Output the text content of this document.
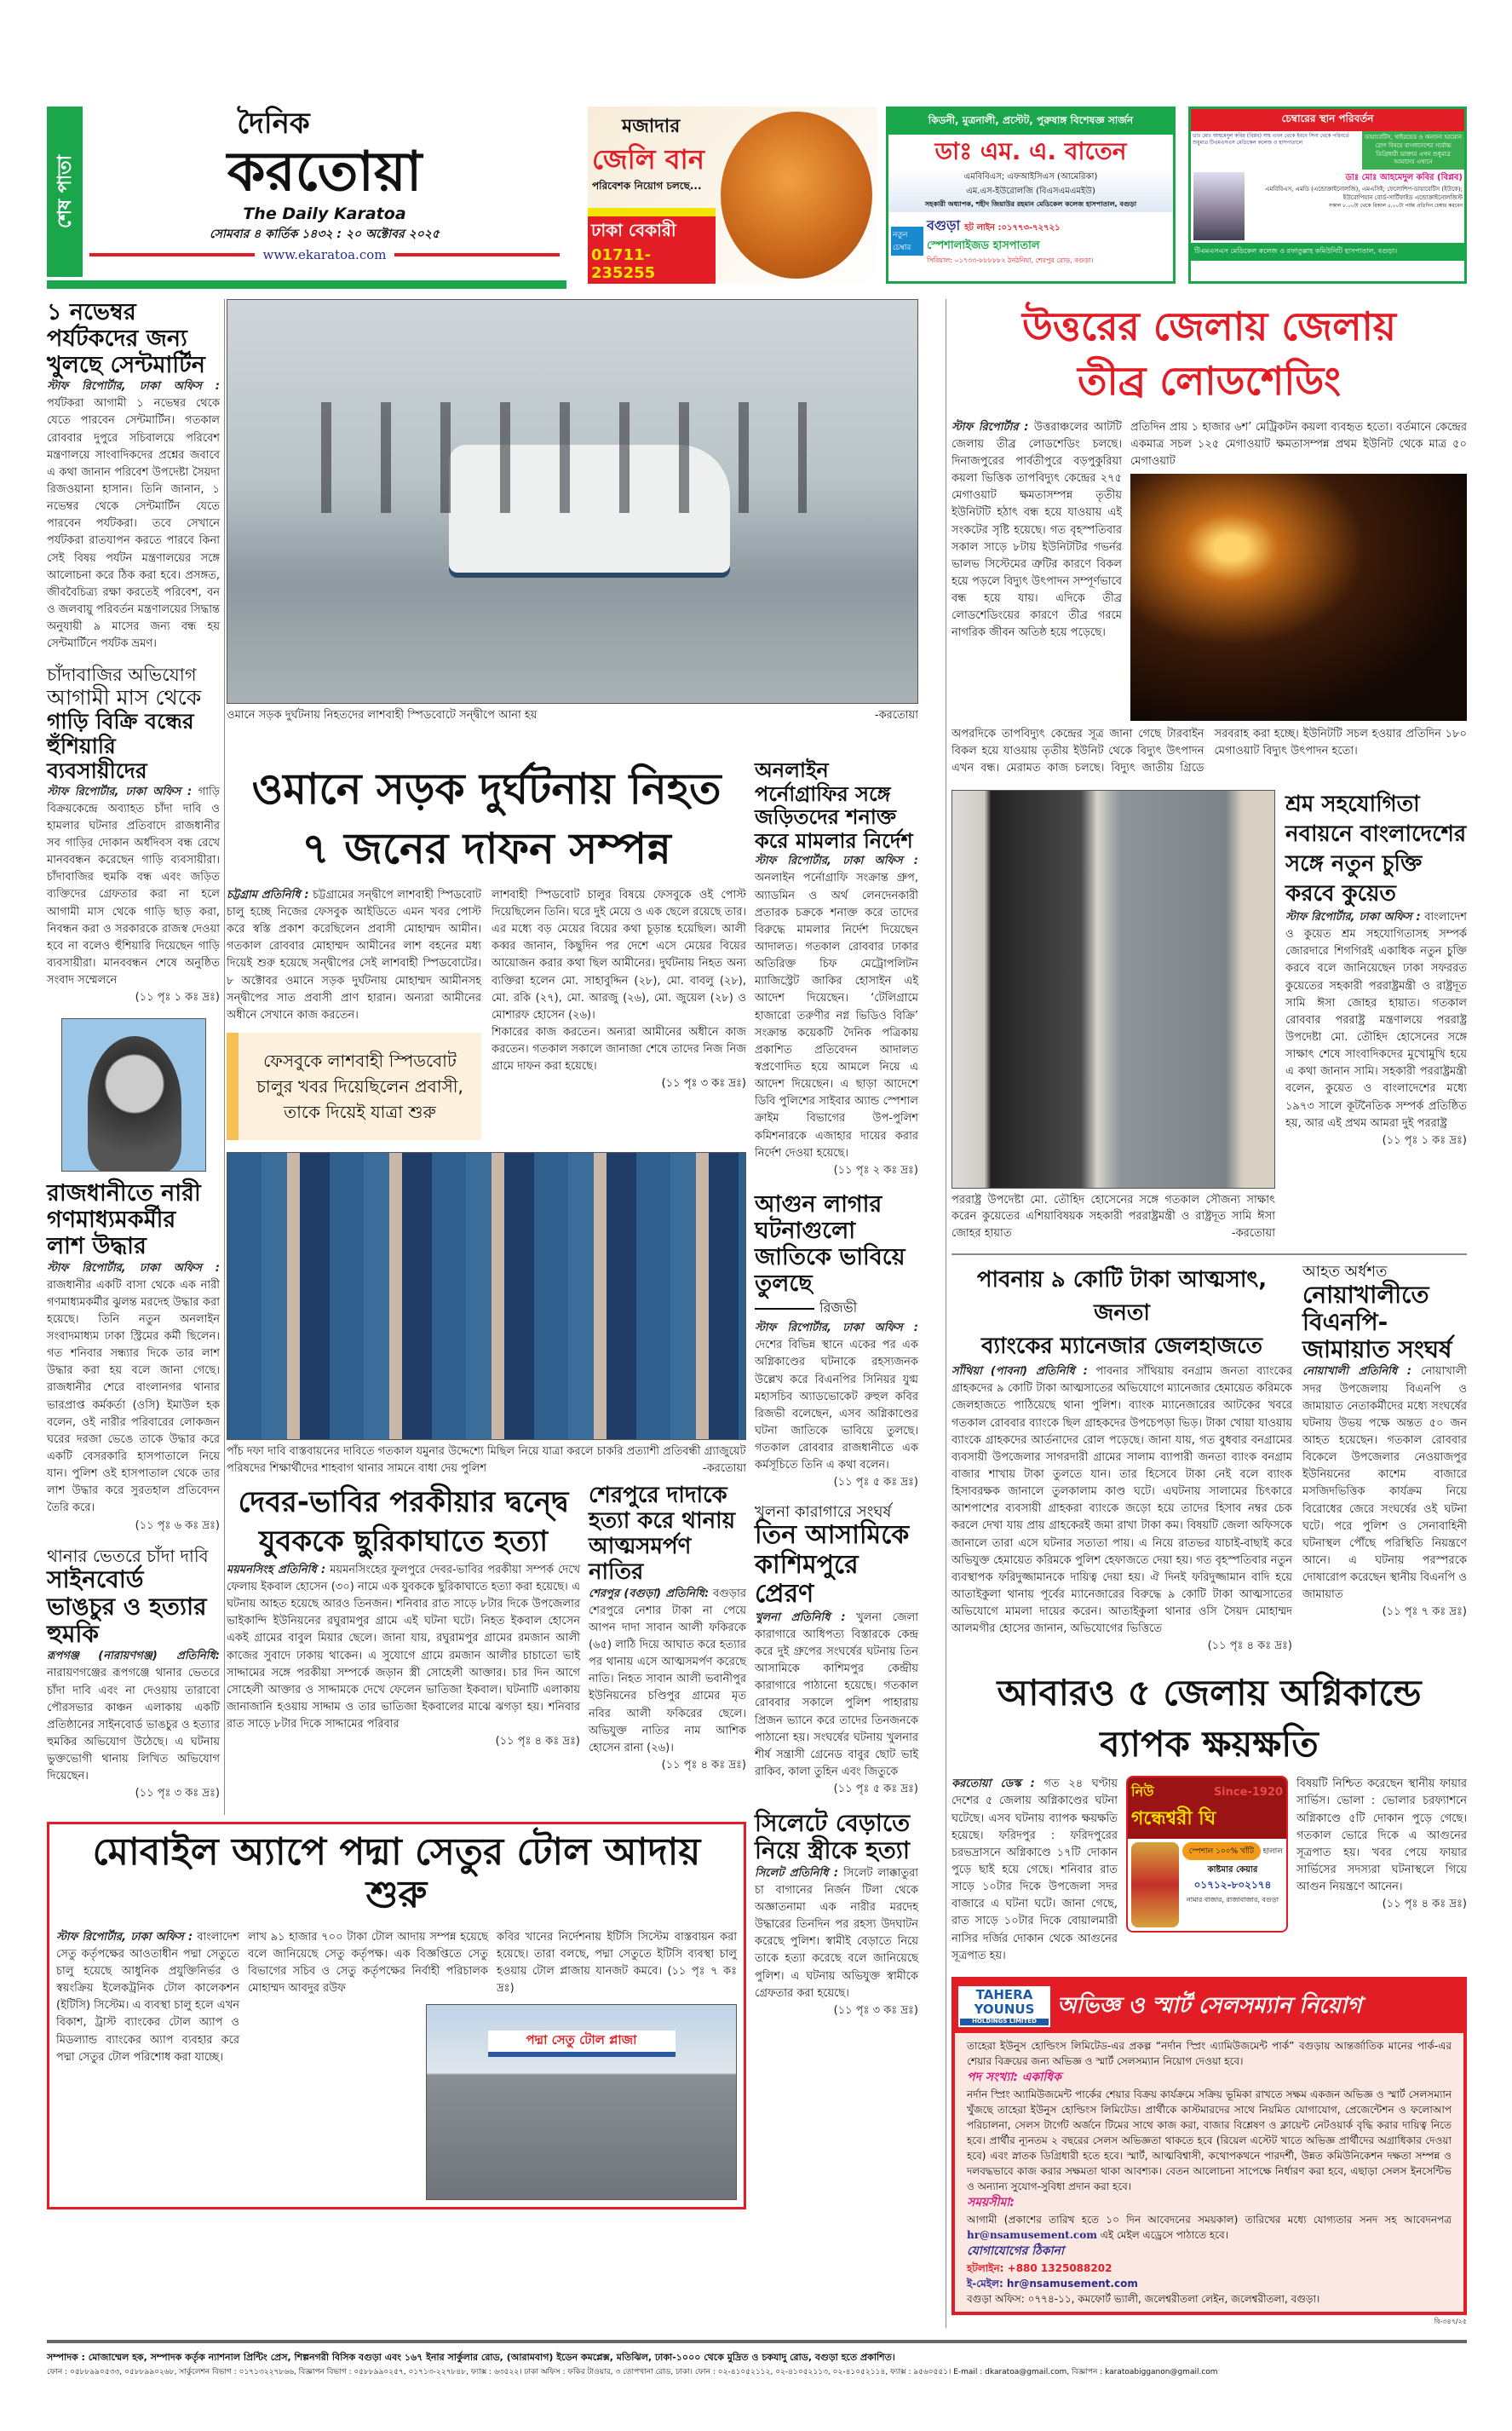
শেষ পাতা
দৈনিক
করতোয়া
The Daily Karatoa
সোমবার ৪ কার্তিক ১৪৩২ : ২০ অক্টোবর ২০২৫
www.ekaratoa.com
মজাদার
জেলি বান
পরিবেশক নিয়োগ চলছে...
ঢাকা বেকারী
01711-235255
কিডনী, মুত্রনালী, প্রস্টেট, পুরুষাঙ্গ বিশেষজ্ঞ সার্জন
ডাঃ এম. এ. বাতেন
এমবিবিএস; এফআইসিএস (আমেরিকা)
এম.এস-ইউরোলজি (বিএসএমএমইউ)
সহকারী অধ্যাপক, শহীদ জিয়াউর রহমান মেডিকেল কলেজ হাসপাতাল, বগুড়া
নতুন চেম্বার
বগুড়া হট লাইন :০১৭৭৩-৭২৭২১
স্পেশালাইজড হাসপাতাল
সিরিয়াল: ০১৭৩৩-৮৮৮৮৮২ ঠনঠনিয়া, শেরপুর রোড, বগুড়া।
চেম্বারের স্থান পরিবর্তন
ডাঃ মোঃ আহমেদুল কবির (বিপ্লব) সাহ এখন থেকে ইবনে সিনা থেকে পরিবর্তে শুধুমাত্র টিএমএসএস মেডিকেল কলেজ ও হাসপাতালে
ডায়াবেটিস, থাইরয়েড ও অন্যান্য হরমোন রোগ বিষয়ে বাংলাদেশের সর্বোচ্চ ডিগ্রিধারী ডাক্তার এখন শুধুমাত্র আমাদের এখানে
ডাঃ মোঃ আহমেদুল কবির (বিপ্লব)
এমবিবিএস, এমডি (এন্ডোক্রাইনোলজি), এমএসিই; ফেলোশিপ-ডায়াবেটিস (ইউকে); ইউরোপিয়ান বোর্ড-সার্টিফাইড এন্ডোক্রাইনোলজিস্ট
সকাল ৮.০০টা থেকে বিকাল ৫.০০টা পর্যন্ত প্রতিদিন চেম্বার করবেন
টিএমএসএস মেডিকেল কলেজ ও রফাতুল্লাহ কমিউনিটি হাসপাতাল, বগুড়া।
১ নভেম্বর পর্যটকদের জন্য খুলছে সেন্টমার্টিন

স্টাফ রিপোর্টার, ঢাকা অফিস : পর্যটকরা আগামী ১ নভেম্বর থেকে যেতে পারবেন সেন্টমার্টিন। গতকাল রোববার দুপুরে সচিবালয়ে পরিবেশ মন্ত্রণালয়ে সাংবাদিকদের প্রশ্নের জবাবে এ কথা জানান পরিবেশ উপদেষ্টা সৈয়দা রিজওয়ানা হাসান। তিনি জানান, ১ নভেম্বর থেকে সেন্টমার্টিন যেতে পারবেন পর্যটকরা। তবে সেখানে পর্যটকরা রাতযাপন করতে পারবে কিনা সেই বিষয় পর্যটন মন্ত্রণালয়ের সঙ্গে আলোচনা করে ঠিক করা হবে। প্রসঙ্গত, জীববৈচিত্র্য রক্ষা করতেই পরিবেশ, বন ও জলবায়ু পরিবর্তন মন্ত্রণালয়ের সিদ্ধান্ত অনুযায়ী ৯ মাসের জন্য বন্ধ হয় সেন্টমার্টিনে পর্যটক ভ্রমণ।

চাঁদাবাজির অভিযোগ
আগামী মাস থেকে
গাড়ি বিক্রি বন্ধের হুঁশিয়ারি ব্যবসায়ীদের

স্টাফ রিপোর্টার, ঢাকা অফিস : গাড়ি বিক্রয়কেন্দ্রে অব্যাহত চাঁদা দাবি ও হামলার ঘটনার প্রতিবাদে রাজধানীর সব গাড়ির দোকান অর্ধদিবস বন্ধ রেখে মানববন্ধন করেছেন গাড়ি ব্যবসায়ীরা। চাঁদাবাজির হুমকি বন্ধ এবং জড়িত ব্যক্তিদের গ্রেফতার করা না হলে আগামী মাস থেকে গাড়ি ছাড় করা, নিবন্ধন করা ও সরকারকে রাজস্ব দেওয়া হবে না বলেও হুঁশিয়ারি দিয়েছেন গাড়ি ব্যবসায়ীরা। মানববন্ধন শেষে অনুষ্ঠিত সংবাদ সম্মেলনে
(১১ পৃঃ ১ কঃ দ্রঃ)

রাজধানীতে নারী গণমাধ্যমকর্মীর লাশ উদ্ধার

স্টাফ রিপোর্টার, ঢাকা অফিস : রাজধানীর একটি বাসা থেকে এক নারী গণমাধ্যমকর্মীর ঝুলন্ত মরদেহ উদ্ধার করা হয়েছে। তিনি নতুন অনলাইন সংবাদমাধ্যম ঢাকা স্ট্রিমের কর্মী ছিলেন। গত শনিবার সন্ধ্যার দিকে তার লাশ উদ্ধার করা হয় বলে জানা গেছে। রাজধানীর শেরে বাংলানগর থানার ভারপ্রাপ্ত কর্মকর্তা (ওসি) ইমাউল হক বলেন, ওই নারীর পরিবারের লোকজন ঘরের দরজা ভেঙে তাকে উদ্ধার করে একটি বেসরকারি হাসপাতালে নিয়ে যান। পুলিশ ওই হাসপাতাল থেকে তার লাশ উদ্ধার করে সুরতহাল প্রতিবেদন তৈরি করে।
(১১ পৃঃ ৬ কঃ দ্রঃ)

থানার ভেতরে চাঁদা দাবি
সাইনবোর্ড ভাঙচুর ও হত্যার হুমকি

রূপগঞ্জ (নারায়ণগঞ্জ) প্রতিনিধি: নারায়ণগঞ্জের রূপগঞ্জে থানার ভেতরে চাঁদা দাবি এবং না দেওয়ায় তারাবো পৌরসভার কাঞ্চন এলাকায় একটি প্রতিষ্ঠানের সাইনবোর্ড ভাঙচুর ও হত্যার হুমকির অভিযোগ উঠেছে। এ ঘটনায় ভুক্তভোগী থানায় লিখিত অভিযোগ দিয়েছেন।
(১১ পৃঃ ৩ কঃ দ্রঃ)

ওমানে সড়ক দুর্ঘটনায় নিহতদের লাশবাহী স্পিডবোটে সন্দ্বীপে আনা হয়	-করতোয়া
ওমানে সড়ক দুর্ঘটনায় নিহত
৭ জনের দাফন সম্পন্ন

চট্টগ্রাম প্রতিনিধি : চট্টগ্রামের সন্দ্বীপে লাশবাহী স্পিডবোট চালু হচ্ছে নিজের ফেসবুক আইডিতে এমন খবর পোস্ট করে স্বস্তি প্রকাশ করেছিলেন প্রবাসী মোহাম্মদ আমীন। গতকাল রোববার মোহাম্মদ আমীনের লাশ বহনের মধ্য দিয়েই শুরু হয়েছে সন্দ্বীপের সেই লাশবাহী স্পিডবোটের। ৮ অক্টোবর ওমানে সড়ক দুর্ঘটনায় মোহাম্মদ আমীনসহ সন্দ্বীপের সাত প্রবাসী প্রাণ হারান। অন্যরা আমীনের অধীনে সেখানে কাজ করতেন।

ফেসবুকে লাশবাহী স্পিডবোট চালুর খবর দিয়েছিলেন প্রবাসী, তাকে দিয়েই যাত্রা শুরু

লাশবাহী স্পিডবোট চালুর বিষয়ে ফেসবুকে ওই পোস্ট দিয়েছিলেন তিনি। ঘরে দুই মেয়ে ও এক ছেলে রয়েছে তার। এর মধ্যে বড় মেয়ের বিয়ের কথা চূড়ান্ত হয়েছিল। আলী কব্বর জানান, কিছুদিন পর দেশে এসে মেয়ের বিয়ের আয়োজন করার কথা ছিল আমীনের। দুর্ঘটনায় নিহত অন্য ব্যক্তিরা হলেন মো. সাহাবুদ্দিন (২৮), মো. বাবলু (২৮), মো. রকি (২৭), মো. আরজু (২৬), মো. জুয়েল (২৮) ও মোশারফ হোসেন (২৬)।

শিকারের কাজ করতেন। অন্যরা আমীনের অধীনে কাজ করতেন। গতকাল সকালে জানাজা শেষে তাদের নিজ নিজ গ্রামে দাফন করা হয়েছে।

(১১ পৃঃ ৩ কঃ দ্রঃ)
পাঁচ দফা দাবি বাস্তবায়নের দাবিতে গতকাল যমুনার উদ্দেশ্যে মিছিল নিয়ে যাত্রা করলে চাকরি প্রত্যাশী প্রতিবন্ধী গ্র্যাজুয়েট পরিষদের শিক্ষার্থীদের শাহবাগ থানার সামনে বাধা দেয় পুলিশ	-করতোয়া
দেবর-ভাবির পরকীয়ার দ্বন্দ্বে যুবককে ছুরিকাঘাতে হত্যা

ময়মনসিংহ প্রতিনিধি : ময়মনসিংহের ফুলপুরে দেবর-ভাবির পরকীয়া সম্পর্ক দেখে ফেলায় ইকবাল হোসেন (৩০) নামে এক যুবককে ছুরিকাঘাতে হত্যা করা হয়েছে। এ ঘটনায় আহত হয়েছে আরও তিনজন। শনিবার রাত সাড়ে ৮টার দিকে উপজেলার ভাইকান্দি ইউনিয়নের রঘুরামপুর গ্রামে এই ঘটনা ঘটে। নিহত ইকবাল হোসেন একই গ্রামের বাবুল মিয়ার ছেলে। জানা যায়, রঘুরামপুর গ্রামের রমজান আলী কাজের সুবাদে ঢাকায় থাকেন। এ সুযোগে গ্রামে রমজান আলীর চাচাতো ভাই সাদ্দামের সঙ্গে পরকীয়া সম্পর্কে জড়ান স্ত্রী সোহেলী আক্তার। চার দিন আগে সোহেলী আক্তার ও সাদ্দামকে দেখে ফেলেন ভাতিজা ইকবাল। ঘটনাটি এলাকায় জানাজানি হওয়ায় সাদ্দাম ও তার ভাতিজা ইকবালের মাঝে ঝগড়া হয়। শনিবার রাত সাড়ে ৮টার দিকে সাদ্দামের পরিবার
(১১ পৃঃ ৪ কঃ দ্রঃ)

শেরপুরে দাদাকে হত্যা করে থানায় আত্মসমর্পণ নাতির

শেরপুর (বগুড়া) প্রতিনিধি: বগুড়ার শেরপুরে নেশার টাকা না পেয়ে আপন দাদা সাবান আলী ফকিরকে (৬৫) লাঠি দিয়ে আঘাত করে হত্যার পর থানায় এসে আত্মসমর্পণ করেছে নাতি। নিহত সাবান আলী ভবানীপুর ইউনিয়নের চণ্ডিপুর গ্রামের মৃত নবির আলী ফকিরের ছেলে। অভিযুক্ত নাতির নাম আশিক হোসেন রানা (২৬)।
(১১ পৃঃ ৪ কঃ দ্রঃ)

অনলাইন পর্নোগ্রাফির সঙ্গে জড়িতদের শনাক্ত করে মামলার নির্দেশ

স্টাফ রিপোর্টার, ঢাকা অফিস : অনলাইন পর্নোগ্রাফি সংক্রান্ত গ্রুপ, অ্যাডমিন ও অর্থ লেনদেনকারী প্রতারক চক্রকে শনাক্ত করে তাদের বিরুদ্ধে মামলার নির্দেশ দিয়েছেন আদালত। গতকাল রোববার ঢাকার অতিরিক্ত চিফ মেট্রোপলিটন ম্যাজিস্ট্রেট জাকির হোসাইন এই আদেশ দিয়েছেন। ‘টেলিগ্রামে হাজারো তরুণীর নগ্ন ভিডিও বিক্রি’ সংক্রান্ত কয়েকটি দৈনিক পত্রিকায় প্রকাশিত প্রতিবেদন আদালত স্বপ্রণোদিত হয়ে আমলে নিয়ে এ আদেশ দিয়েছেন। এ ছাড়া আদেশে ডিবি পুলিশের সাইবার অ্যান্ড স্পেশাল ক্রাইম বিভাগের উপ-পুলিশ কমিশনারকে এজাহার দায়ের করার নির্দেশ দেওয়া হয়েছে।
(১১ পৃঃ ২ কঃ দ্রঃ)

আগুন লাগার ঘটনাগুলো জাতিকে ভাবিয়ে তুলছে
রিজভী

স্টাফ রিপোর্টার, ঢাকা অফিস : দেশের বিভিন্ন স্থানে একের পর এক অগ্নিকাণ্ডের ঘটনাকে রহস্যজনক উল্লেখ করে বিএনপির সিনিয়র যুগ্ম মহাসচিব অ্যাডভোকেট রুহুল কবির রিজভী বলেছেন, এসব অগ্নিকাণ্ডের ঘটনা জাতিকে ভাবিয়ে তুলছে। গতকাল রোববার রাজধানীতে এক কর্মসূচিতে তিনি এ কথা বলেন।
(১১ পৃঃ ৫ কঃ দ্রঃ)

খুলনা কারাগারে সংঘর্ষ
তিন আসামিকে কাশিমপুরে প্রেরণ

খুলনা প্রতিনিধি : খুলনা জেলা কারাগারে আধিপত্য বিস্তারকে কেন্দ্র করে দুই গ্রুপের সংঘর্ষের ঘটনায় তিন আসামিকে কাশিমপুর কেন্দ্রীয় কারাগারে পাঠানো হয়েছে। গতকাল রোববার সকালে পুলিশ পাহারায় প্রিজন ভ্যানে করে তাদের তিনজনকে পাঠানো হয়। সংঘর্ষের ঘটনায় খুলনার শীর্ষ সন্ত্রাসী গ্রেনেড বাবুর ছোট ভাই রাকিব, কালা তুহিন এবং জিতুকে
(১১ পৃঃ ৫ কঃ দ্রঃ)

সিলেটে বেড়াতে নিয়ে স্ত্রীকে হত্যা

সিলেট প্রতিনিধি : সিলেট লাক্কাতুরা চা বাগানের নির্জন টিলা থেকে অজ্ঞাতনামা এক নারীর মরদেহ উদ্ধারের তিনদিন পর রহস্য উদঘাটন করেছে পুলিশ। স্বামীই বেড়াতে নিয়ে তাকে হত্যা করেছে বলে জানিয়েছে পুলিশ। এ ঘটনায় অভিযুক্ত স্বামীকে গ্রেফতার করা হয়েছে।
(১১ পৃঃ ৩ কঃ দ্রঃ)

মোবাইল অ্যাপে পদ্মা সেতুর টোল আদায় শুরু

স্টাফ রিপোর্টার, ঢাকা অফিস : বাংলাদেশ সেতু কর্তৃপক্ষের আওতাধীন পদ্মা সেতুতে চালু হয়েছে আধুনিক প্রযুক্তিনির্ভর ও স্বয়ংক্রিয় ইলেকট্রনিক টোল কালেকশন (ইটিসি) সিস্টেম। এ ব্যবস্থা চালু হলে এখন বিকাশ, ট্রাস্ট ব্যাংকের টোল অ্যাপ ও মিডল্যান্ড ব্যাংকের অ্যাপ ব্যবহার করে পদ্মা সেতুর টোল পরিশোধ করা যাচ্ছে।

লাখ ৯১ হাজার ৭০০ টাকা টোল আদায় সম্পন্ন হয়েছে বলে জানিয়েছে সেতু কর্তৃপক্ষ। এক বিজ্ঞপ্তিতে সেতু বিভাগের সচিব ও সেতু কর্তৃপক্ষের নির্বাহী পরিচালক মোহাম্মদ আবদুর রউফ

কবির খানের নির্দেশনায় ইটিসি সিস্টেম বাস্তবায়ন করা হয়েছে। তারা বলছে, পদ্মা সেতুতে ইটিসি ব্যবস্থা চালু হওয়ায় টোল প্লাজায় যানজট কমবে। (১১ পৃঃ ৭ কঃ দ্রঃ)

পদ্মা সেতু টোল প্লাজা
উত্তরের জেলায় জেলায়
তীব্র লোডশেডিং

স্টাফ রিপোর্টার : উত্তরাঞ্চলের আটটি জেলায় তীব্র লোডশেডিং চলছে। দিনাজপুরের পার্বতীপুরে বড়পুকুরিয়া কয়লা ভিত্তিক তাপবিদ্যুৎ কেন্দ্রের ২৭৫ মেগাওয়াট ক্ষমতাসম্পন্ন তৃতীয় ইউনিটটি হঠাৎ বন্ধ হয়ে যাওয়ায় এই সংকটের সৃষ্টি হয়েছে। গত বৃহস্পতিবার সকাল সাড়ে ৮টায় ইউনিটটির গভর্নর ভালভ সিস্টেমের ত্রুটির কারণে বিকল হয়ে পড়লে বিদ্যুৎ উৎপাদন সম্পূর্ণভাবে বন্ধ হয়ে যায়। এদিকে তীব্র লোডশেডিংয়ের কারণে তীব্র গরমে নাগরিক জীবন অতিষ্ঠ হয়ে পড়েছে।

প্রতিদিন প্রায় ১ হাজার ৬শ’ মেট্রিকটন কয়লা ব্যবহৃত হতো। বর্তমানে কেন্দ্রের একমাত্র সচল ১২৫ মেগাওয়াট ক্ষমতাসম্পন্ন প্রথম ইউনিট থেকে মাত্র ৫০ মেগাওয়াট

অপরদিকে তাপবিদ্যুৎ কেন্দ্রের সূত্র জানা গেছে টারবাইন বিকল হয়ে যাওয়ায় তৃতীয় ইউনিট থেকে বিদ্যুৎ উৎপাদন এখন বন্ধ। মেরামত কাজ চলছে। বিদ্যুৎ জাতীয় গ্রিডে সরবরাহ করা হচ্ছে। ইউনিটটি সচল হওয়ার প্রতিদিন ১৮০ মেগাওয়াট বিদ্যুৎ উৎপাদন হতো।

পররাষ্ট্র উপদেষ্টা মো. তৌহিদ হোসেনের সঙ্গে গতকাল সৌজন্য সাক্ষাৎ করেন কুয়েতের এশিয়াবিষয়ক সহকারী পররাষ্ট্রমন্ত্রী ও রাষ্ট্রদূত সামি ঈসা জোহর হায়াত	-করতোয়া
শ্রম সহযোগিতা নবায়নে বাংলাদেশের সঙ্গে নতুন চুক্তি করবে কুয়েত

স্টাফ রিপোর্টার, ঢাকা অফিস : বাংলাদেশ ও কুয়েত শ্রম সহযোগিতাসহ সম্পর্ক জোরদারে শিগগিরই একাধিক নতুন চুক্তি করবে বলে জানিয়েছেন ঢাকা সফররত কুয়েতের সহকারী পররাষ্ট্রমন্ত্রী ও রাষ্ট্রদূত সামি ঈসা জোহর হায়াত। গতকাল রোববার পররাষ্ট্র মন্ত্রণালয়ে পররাষ্ট্র উপদেষ্টা মো. তৌহিদ হোসেনের সঙ্গে সাক্ষাৎ শেষে সাংবাদিকদের মুখোমুখি হয়ে এ কথা জানান সামি। সহকারী পররাষ্ট্রমন্ত্রী বলেন, কুয়েত ও বাংলাদেশের মধ্যে ১৯৭৩ সালে কূটনৈতিক সম্পর্ক প্রতিষ্ঠিত হয়, আর এই প্রথম আমরা দুই পররাষ্ট্র
(১১ পৃঃ ১ কঃ দ্রঃ)

পাবনায় ৯ কোটি টাকা আত্মসাৎ, জনতা
ব্যাংকের ম্যানেজার জেলহাজতে

সাঁথিয়া (পাবনা) প্রতিনিধি : পাবনার সাঁথিয়ায় বনগ্রাম জনতা ব্যাংকের গ্রাহকদের ৯ কোটি টাকা আত্মসাতের অভিযোগে ম্যানেজার হেমায়েত করিমকে জেলহাজতে পাঠিয়েছে থানা পুলিশ। ব্যাংক ম্যানেজারের আটকের খবরে গতকাল রোববার ব্যাংকে ছিল গ্রাহকদের উপচেপড়া ভিড়। টাকা খোয়া যাওয়ায় ব্যাংকে গ্রাহকদের আর্তনাদের রোল পড়েছে। জানা যায়, গত বুধবার বনগ্রামের ব্যবসায়ী উপজেলার সাগরদারী গ্রামের সালাম ব্যাপারী জনতা ব্যাংক বনগ্রাম বাজার শাখায় টাকা তুলতে যান। তার হিসেবে টাকা নেই বলে ব্যাংক হিসাবরক্ষক জানালে তুলকালাম কাণ্ড ঘটে। এঘটনায় সালামের চিৎকারে আশপাশের ব্যবসায়ী গ্রাহকরা ব্যাংকে জড়ো হয়ে তাদের হিসাব নম্বর চেক করলে দেখা যায় প্রায় গ্রাহকেরই জমা রাখা টাকা কম। বিষয়টি জেলা অফিসকে জানালে তারা এসে ঘটনার সত্যতা পায়। এ নিয়ে রাতভর যাচাই-বাছাই করে অভিযুক্ত হেমায়েত করিমকে পুলিশ হেফাজতে দেয়া হয়। গত বৃহস্পতিবার নতুন ব্যবস্থাপক ফরিদুজ্জামানকে দায়িত্ব দেয়া হয়। ঐ দিনই ফরিদুজ্জামান বাদি হয়ে আতাইকুলা থানায় পূর্বের ম্যানেজারের বিরুদ্ধে ৯ কোটি টাকা আত্মসাতের অভিযোগে মামলা দায়ের করেন। আতাইকুলা থানার ওসি সৈয়দ মোহাম্মদ আলমগীর হোসের জানান, অভিযোগের ভিত্তিতে
(১১ পৃঃ ৪ কঃ দ্রঃ)

আহত অর্ধশত
নোয়াখালীতে বিএনপি-জামায়াত সংঘর্ষ

নোয়াখালী প্রতিনিধি : নোয়াখালী সদর উপজেলায় বিএনপি ও জামায়াত নেতাকর্মীদের মধ্যে সংঘর্ষের ঘটনায় উভয় পক্ষে অন্তত ৫০ জন আহত হয়েছেন। গতকাল রোববার বিকেলে উপজেলার নেওয়াজপুর ইউনিয়নের কাশেম বাজারে মসজিদভিত্তিক কার্যক্রম নিয়ে বিরোধের জেরে সংঘর্ষের ওই ঘটনা ঘটে। পরে পুলিশ ও সেনাবাহিনী ঘটনাস্থল পৌঁছে পরিস্থিতি নিয়ন্ত্রণে আনে। এ ঘটনায় পরস্পরকে দোষারোপ করেছেন স্থানীয় বিএনপি ও জামায়াত
(১১ পৃঃ ৭ কঃ দ্রঃ)

আবারও ৫ জেলায় অগ্নিকান্ডে
ব্যাপক ক্ষয়ক্ষতি

করতোয়া ডেস্ক : গত ২৪ ঘণ্টায় দেশের ৫ জেলায় অগ্নিকাণ্ডের ঘটনা ঘটেছে। এসব ঘটনায় ব্যাপক ক্ষয়ক্ষতি হয়েছে। ফরিদপুর : ফরিদপুরের চরভদ্রাসনে অগ্নিকাণ্ডে ১৭টি দোকান পুড়ে ছাই হয়ে গেছে। শনিবার রাত সাড়ে ১০টার দিকে উপজেলা সদর বাজারে এ ঘটনা ঘটে। জানা গেছে, রাত সাড়ে ১০টার দিকে বোয়ালমারী নাসির দর্জির দোকান থেকে আগুনের সূত্রপাত হয়।

নিউ	Since-1920
গন্ধেশ্বরী ঘি
স্পেশাল ১০০% খাঁটি	হালাল
কাষ্টমার কেয়ার
০১৭১২-৮০২১৭৪
নামার বাজার, রাজাবাজার, বগুড়া

বিষয়টি নিশ্চিত করেছেন স্থানীয় ফায়ার সার্ভিস। ভোলা : ভোলার চরফ্যাশনে অগ্নিকাণ্ডে ৫টি দোকান পুড়ে গেছে। গতকাল ভোরে দিকে এ আগুনের সূত্রপাত হয়। খবর পেয়ে ফায়ার সার্ভিসের সদস্যরা ঘটনাস্থলে গিয়ে আগুন নিয়ন্ত্রণে আনেন।
(১১ পৃঃ ৪ কঃ দ্রঃ)

TAHERA
YOUNUS
HOLDINGS LIMITED
অভিজ্ঞ ও স্মার্ট সেলসম্যান নিয়োগ

তাহেরা ইউনুস হোল্ডিংস লিমিটেড-এর প্রকল্প “নর্দান স্প্রিং এ্যামিউজমেন্ট পার্ক” বগুড়ায় আন্তর্জাতিক মানের পার্ক-এর শেয়ার বিক্রয়ের জন্য অভিজ্ঞ ও স্মার্ট সেলসম্যান নিয়োগ দেওয়া হবে।

পদ সংখ্যা: একাধিক

নর্দান স্প্রিং অ্যামিউজমেন্ট পার্কের শেয়ার বিক্রয় কার্যক্রমে সক্রিয় ভূমিকা রাখতে সক্ষম একজন অভিজ্ঞ ও স্মার্ট সেলসম্যান খুঁজছে তাহেরা ইউনুস হোল্ডিংস লিমিটেড। প্রার্থীকে কাস্টমারদের সাথে নিয়মিত যোগাযোগ, প্রেজেন্টেশন ও ফলোআপ পরিচালনা, সেলস টার্গেট অর্জনে টিমের সাথে কাজ করা, বাজার বিশ্লেষণ ও ক্লায়েন্ট নেটওয়ার্ক বৃদ্ধি করার দায়িত্ব নিতে হবে। প্রার্থীর ন্যূনতম ২ বছরের সেলস অভিজ্ঞতা থাকতে হবে (রিয়েল এস্টেট খাতে অভিজ্ঞ প্রার্থীদের অগ্রাধিকার দেওয়া হবে) এবং স্নাতক ডিগ্রিধারী হতে হবে। স্মার্ট, আত্মবিশ্বাসী, কথোপকথনে পারদর্শী, উন্নত কমিউনিকেশন দক্ষতা সম্পন্ন ও দলবদ্ধভাবে কাজ করার সক্ষমতা থাকা আবশ্যক। বেতন আলোচনা সাপেক্ষে নির্ধারণ করা হবে, এছাড়া সেলস ইনসেন্টিভ ও অন্যান্য সুযোগ-সুবিধা প্রদান করা হবে।

সময়সীমা:

আগামী (প্রকাশের তারিখ হতে ১০ দিন আবেদনের সময়কাল) তারিখের মধ্যে যোগ্যতার সনদ সহ আবেদনপত্র hr@nsamusement.com এই মেইল এড্রেসে পাঠাতে হবে।

যোগাযোগের ঠিকানা

হটলাইন: +880 1325088202

ই-মেইল: hr@nsamusement.com

বগুড়া অফিস: ০৭৭৪-১১, কমফোর্ট ভ্যালী, জলেশ্বরীতলা লেইন, জলেশ্বরীতলা, বগুড়া।

বি-৩৪৭/২৫
সম্পাদক : মোজাম্মেল হক, সম্পাদক কর্তৃক ন্যাশনাল প্রিন্টিং প্রেস, শিল্পনগরী বিসিক বগুড়া এবং ১৬৭ ইনার সার্কুলার রোড, (আরামবাগ) ইডেন কমপ্লেক্স, মতিঝিল, ঢাকা-১০০০ থেকে মুদ্রিত ও চকযাদু রোড, বগুড়া হতে প্রকাশিত।
ফোন : ০৫৮৮৯৯০৫৩৩, ০৫৮৮৯৯০২৬৮, সার্কুলেশন বিভাগ : ০১৭১৩২২৭৮৬৬, বিজ্ঞাপন বিভাগ : ০৫৮৮৯৯০২৫৭, ০১৭১৩-২২৭৮৪৮, ফ্যাক্স : ৬৩৫২২। ঢাকা অফিস : ফকির টাওয়ার, ৩ তোপখানা রোড, ঢাকা। ফোন : ০২-৪১০৫২১১২, ০২-৪১০৫২১১৩, ০২-৪১০৫২১১৪, ফ্যাক্স : ৯৫৬০৫৫১। E-mail : dkaratoa@gmail.com, বিজ্ঞাপন : karatoabigganon@gmail.com
